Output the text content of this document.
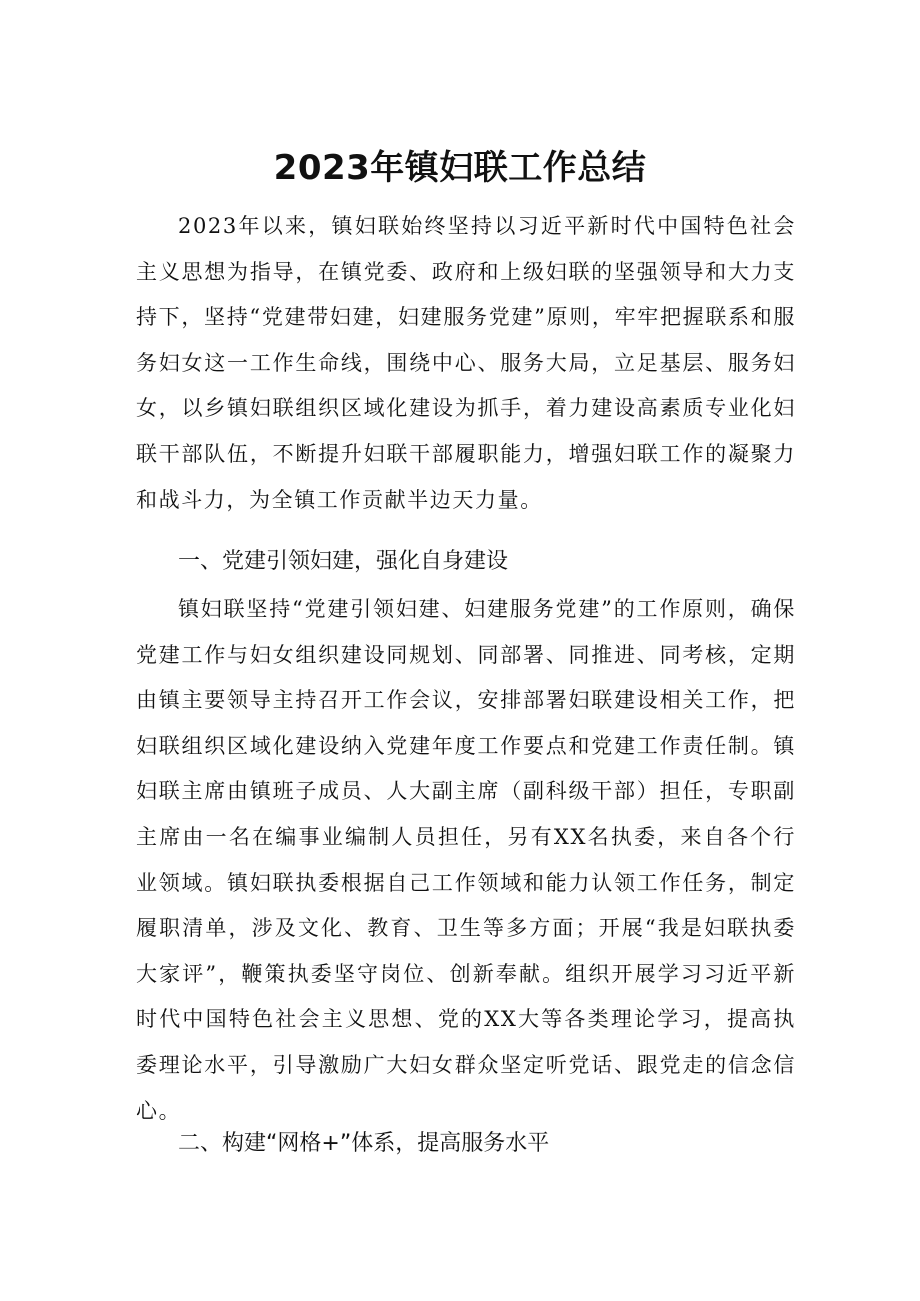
2023年镇妇联工作总结

2023年以来，镇妇联始终坚持以习近平新时代中国特色社会主义思想为指导，在镇党委、政府和上级妇联的坚强领导和大力支持下，坚持“党建带妇建，妇建服务党建”原则，牢牢把握联系和服务妇女这一工作生命线，围绕中心、服务大局，立足基层、服务妇女，以乡镇妇联组织区域化建设为抓手，着力建设高素质专业化妇联干部队伍，不断提升妇联干部履职能力，增强妇联工作的凝聚力和战斗力，为全镇工作贡献半边天力量。

一、党建引领妇建，强化自身建设

镇妇联坚持“党建引领妇建、妇建服务党建”的工作原则，确保党建工作与妇女组织建设同规划、同部署、同推进、同考核，定期由镇主要领导主持召开工作会议，安排部署妇联建设相关工作，把妇联组织区域化建设纳入党建年度工作要点和党建工作责任制。镇妇联主席由镇班子成员、人大副主席（副科级干部）担任，专职副主席由一名在编事业编制人员担任，另有XX名执委，来自各个行业领域。镇妇联执委根据自己工作领域和能力认领工作任务，制定履职清单，涉及文化、教育、卫生等多方面；开展“我是妇联执委大家评”，鞭策执委坚守岗位、创新奉献。组织开展学习习近平新时代中国特色社会主义思想、党的XX大等各类理论学习，提高执委理论水平，引导激励广大妇女群众坚定听党话、跟党走的信念信心。

二、构建“网格+”体系，提高服务水平
